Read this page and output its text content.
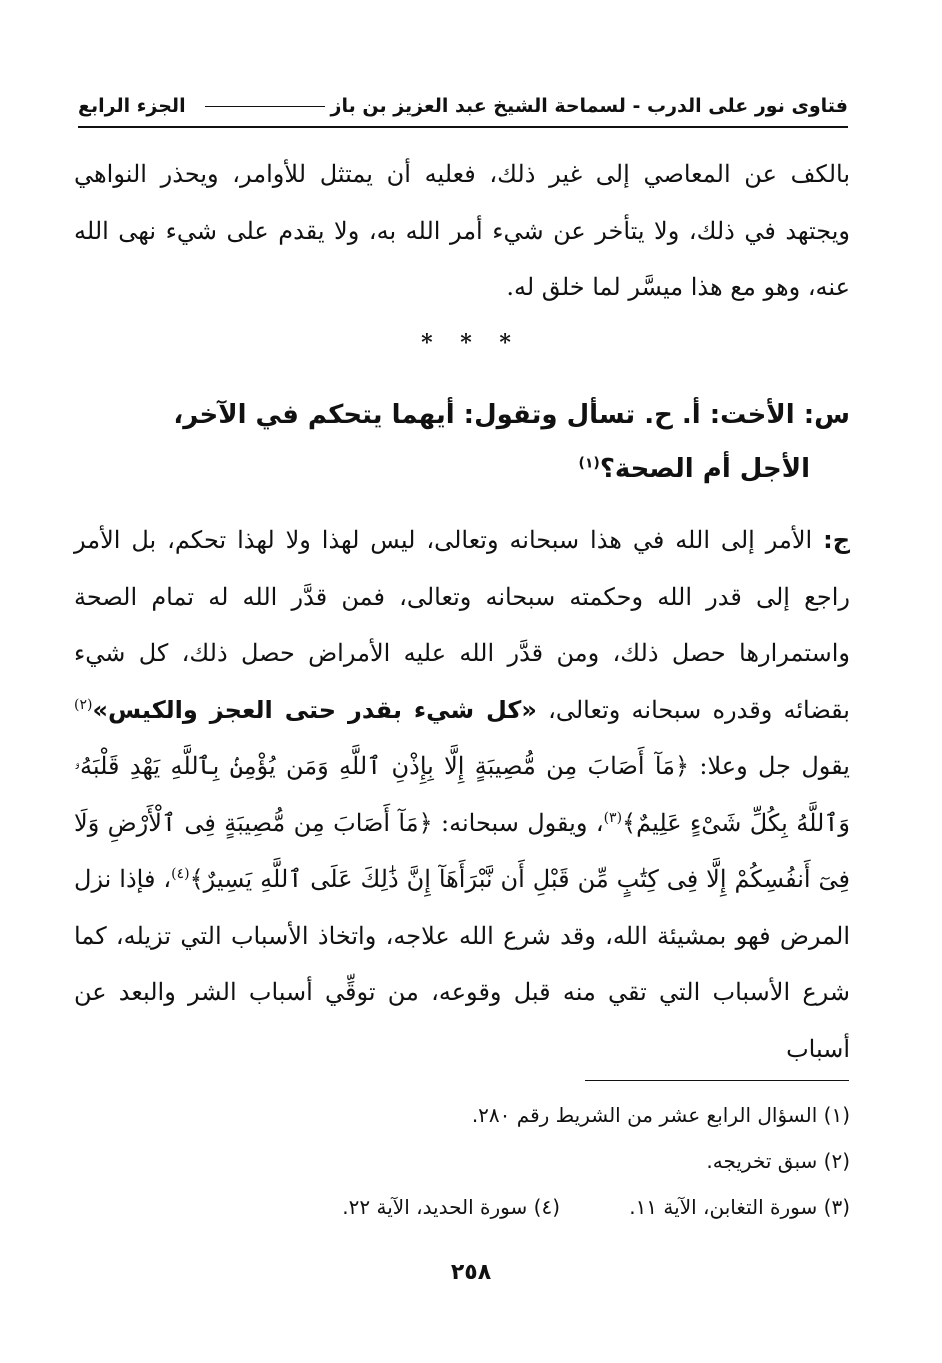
فتاوى نور على الدرب - لسماحة الشيخ عبد العزيز بن باز
الجزء الرابع
بالكف عن المعاصي إلى غير ذلك، فعليه أن يمتثل للأوامر، ويحذر النواهي ويجتهد في ذلك، ولا يتأخر عن شيء أمر الله به، ولا يقدم على شيء نهى الله عنه، وهو مع هذا ميسَّر لما خلق له.
* * *
س: الأخت: أ. ح. تسأل وتقول: أيهما يتحكم في الآخر،
الأجل أم الصحة؟$^{(١)}$
ج: الأمر إلى الله في هذا سبحانه وتعالى، ليس لهذا ولا لهذا تحكم، بل الأمر راجع إلى قدر الله وحكمته سبحانه وتعالى، فمن قدَّر الله له تمام الصحة واستمرارها حصل ذلك، ومن قدَّر الله عليه الأمراض حصل ذلك، كل شيء بقضائه وقدره سبحانه وتعالى، «كل شيء بقدر حتى العجز والكيس»$^{(٢)}$ يقول جل وعلا: ﴿مَآ أَصَابَ مِن مُّصِيبَةٍ إِلَّا بِإِذْنِ ٱللَّهِ وَمَن يُؤْمِنۢ بِٱللَّهِ يَهْدِ قَلْبَهُۥ وَٱللَّهُ بِكُلِّ شَىْءٍ عَلِيمٌ﴾$^{(٣)}$، ويقول سبحانه: ﴿مَآ أَصَابَ مِن مُّصِيبَةٍ فِى ٱلْأَرْضِ وَلَا فِىٓ أَنفُسِكُمْ إِلَّا فِى كِتَٰبٍ مِّن قَبْلِ أَن نَّبْرَأَهَآ إِنَّ ذَٰلِكَ عَلَى ٱللَّهِ يَسِيرٌ﴾$^{(٤)}$، فإذا نزل المرض فهو بمشيئة الله، وقد شرع الله علاجه، واتخاذ الأسباب التي تزيله، كما شرع الأسباب التي تقي منه قبل وقوعه، من توقِّي أسباب الشر والبعد عن أسباب
(١) السؤال الرابع عشر من الشريط رقم ٢٨٠.
(٢) سبق تخريجه.
(٣) سورة التغابن، الآية ١١.
(٤) سورة الحديد، الآية ٢٢.
٢٥٨
